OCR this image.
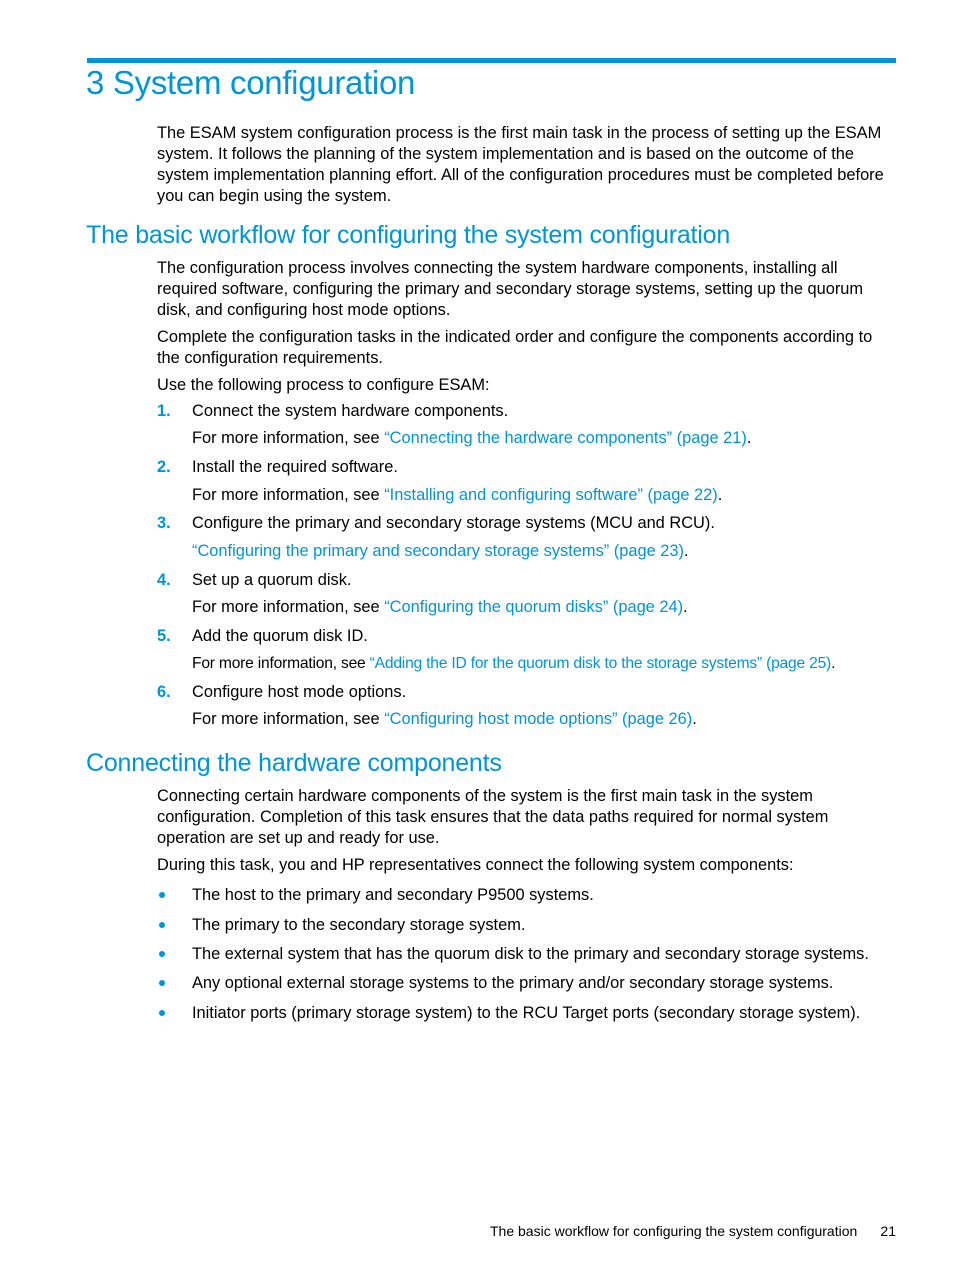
3 System configuration

The ESAM system configuration process is the first main task in the process of setting up the ESAM system. It follows the planning of the system implementation and is based on the outcome of the system implementation planning effort. All of the configuration procedures must be completed before you can begin using the system.

The basic workflow for configuring the system configuration

The configuration process involves connecting the system hardware components, installing all required software, configuring the primary and secondary storage systems, setting up the quorum disk, and configuring host mode options.

Complete the configuration tasks in the indicated order and configure the components according to the configuration requirements.

Use the following process to configure ESAM:

1. Connect the system hardware components.
For more information, see “Connecting the hardware components” (page 21).
2. Install the required software.
For more information, see “Installing and configuring software” (page 22).
3. Configure the primary and secondary storage systems (MCU and RCU).
“Configuring the primary and secondary storage systems” (page 23).
4. Set up a quorum disk.
For more information, see “Configuring the quorum disks” (page 24).
5. Add the quorum disk ID.
For more information, see “Adding the ID for the quorum disk to the storage systems” (page 25).
6. Configure host mode options.
For more information, see “Configuring host mode options” (page 26).
Connecting the hardware components

Connecting certain hardware components of the system is the first main task in the system configuration. Completion of this task ensures that the data paths required for normal system operation are set up and ready for use.

During this task, you and HP representatives connect the following system components:

The host to the primary and secondary P9500 systems.
The primary to the secondary storage system.
The external system that has the quorum disk to the primary and secondary storage systems.
Any optional external storage systems to the primary and/or secondary storage systems.
Initiator ports (primary storage system) to the RCU Target ports (secondary storage system).
The basic workflow for configuring the system configuration 21
